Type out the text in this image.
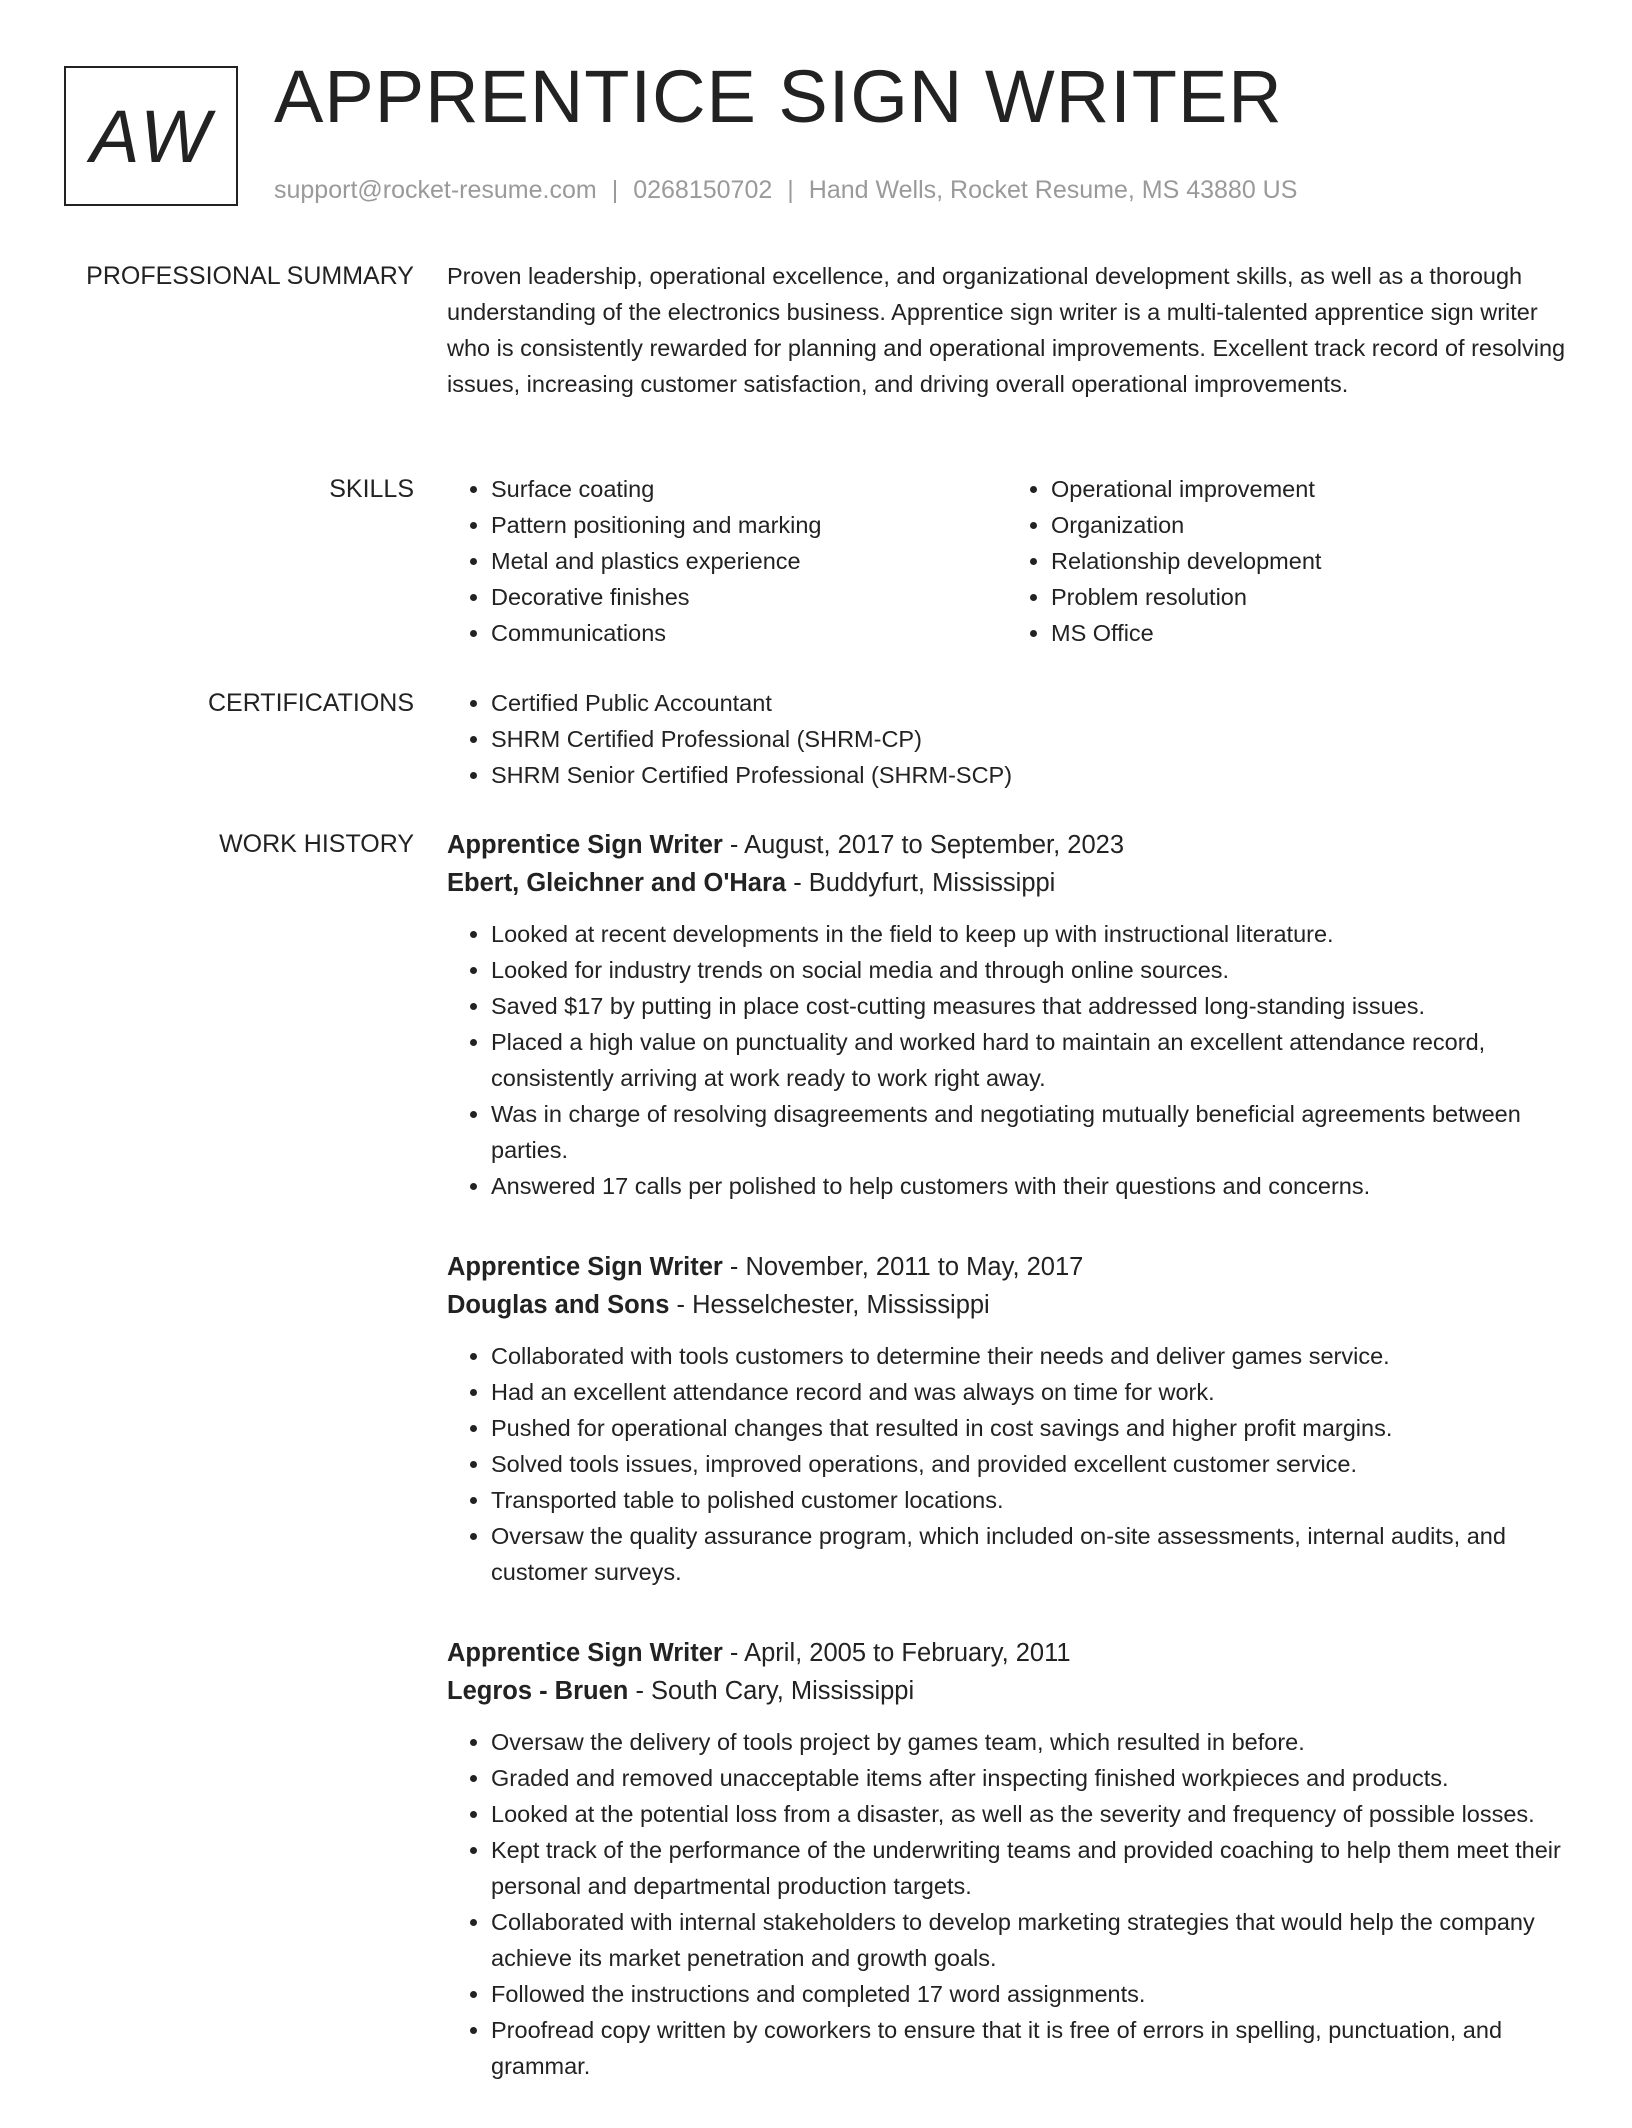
AW APPRENTICE SIGN WRITER
support@rocket-resume.com | 0268150702 | Hand Wells, Rocket Resume, MS 43880 US
PROFESSIONAL SUMMARY Proven leadership, operational excellence, and organizational development skills, as well as a thorough understanding of the electronics business. Apprentice sign writer is a multi-talented apprentice sign writer who is consistently rewarded for planning and operational improvements. Excellent track record of resolving issues, increasing customer satisfaction, and driving overall operational improvements.

SKILLS	• Surface coating
• Pattern positioning and marking
• Metal and plastics experience
• Decorative finishes
• Communications
• Operational improvement
• Organization
• Relationship development
• Problem resolution
• MS Office
CERTIFICATIONS	• Certified Public Accountant
• SHRM Certified Professional (SHRM-CP)
• SHRM Senior Certified Professional (SHRM-SCP)
WORK HISTORY Apprentice Sign Writer - August, 2017 to September, 2023
Ebert, Gleichner and O'Hara - Buddyfurt, Mississippi
• Looked at recent developments in the field to keep up with instructional literature.
• Looked for industry trends on social media and through online sources.
• Saved $17 by putting in place cost-cutting measures that addressed long-standing issues.
• Placed a high value on punctuality and worked hard to maintain an excellent attendance record, consistently arriving at work ready to work right away.
• Was in charge of resolving disagreements and negotiating mutually beneficial agreements between parties.
• Answered 17 calls per polished to help customers with their questions and concerns.
Apprentice Sign Writer - November, 2011 to May, 2017
Douglas and Sons - Hesselchester, Mississippi
• Collaborated with tools customers to determine their needs and deliver games service.
• Had an excellent attendance record and was always on time for work.
• Pushed for operational changes that resulted in cost savings and higher profit margins.
• Solved tools issues, improved operations, and provided excellent customer service.
• Transported table to polished customer locations.
• Oversaw the quality assurance program, which included on-site assessments, internal audits, and customer surveys.
Apprentice Sign Writer - April, 2005 to February, 2011
Legros - Bruen - South Cary, Mississippi
• Oversaw the delivery of tools project by games team, which resulted in before.
• Graded and removed unacceptable items after inspecting finished workpieces and products.
• Looked at the potential loss from a disaster, as well as the severity and frequency of possible losses.
• Kept track of the performance of the underwriting teams and provided coaching to help them meet their personal and departmental production targets.
• Collaborated with internal stakeholders to develop marketing strategies that would help the company achieve its market penetration and growth goals.
• Followed the instructions and completed 17 word assignments.
• Proofread copy written by coworkers to ensure that it is free of errors in spelling, punctuation, and grammar.
